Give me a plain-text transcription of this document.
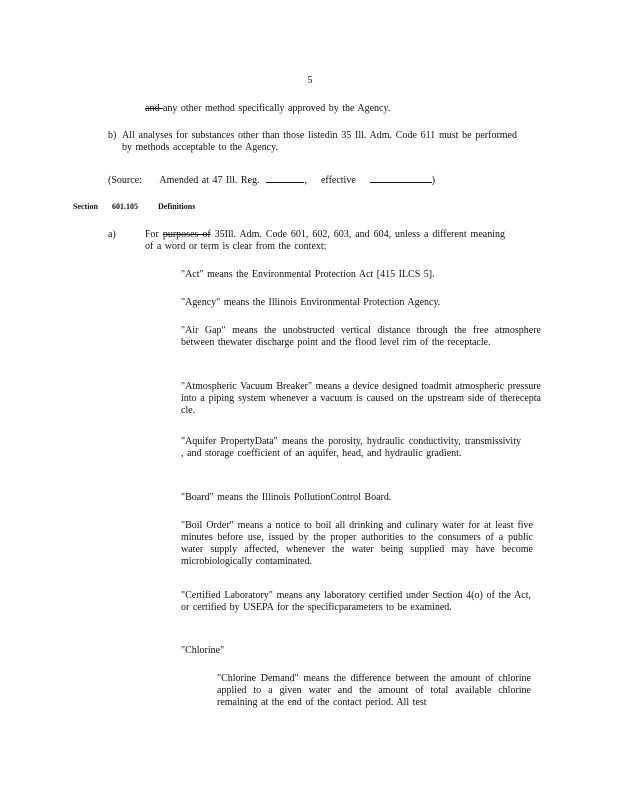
5
and any other method specifically approved by the Agency.
b) All analyses for substances other than those listedin 35 Ill. Adm. Code 611 must be performed by methods acceptable to the Agency.
(Source: Amended at 47 Ill. Reg.	, effective	)
Section	601.105	Definitions
a)	For purposes of 35Ill. Adm. Code 601, 602, 603, and 604, unless a different meaning of a word or term is clear from the context:
"Act" means the Environmental Protection Act [415 ILCS 5].
"Agency" means the Illinois Environmental Protection Agency.
"Air Gap" means the unobstructed vertical distance through the free atmosphere between thewater discharge point and the flood level rim of the receptacle.
"Atmospheric Vacuum Breaker" means a device designed toadmit atmospheric pressure into a piping system whenever a vacuum is caused on the upstream side of therecepta cle.
"Aquifer PropertyData" means the porosity, hydraulic conductivity, transmissivity , and storage coefficient of an aquifer, head, and hydraulic gradient.
"Board" means the Illinois PollutionControl Board.
"Boil Order" means a notice to boil all drinking and culinary water for at least five minutes before use, issued by the proper authorities to the consumers of a public water supply affected, whenever the water being supplied may have become microbiologically contaminated.
"Certified Laboratory" means any laboratory certified under Section 4(o) of the Act, or certified by USEPA for the specificparameters to be examined.
"Chlorine"
"Chlorine Demand" means the difference between the amount of chlorine applied to a given water and the amount of total available chlorine remaining at the end of the contact period. All test
